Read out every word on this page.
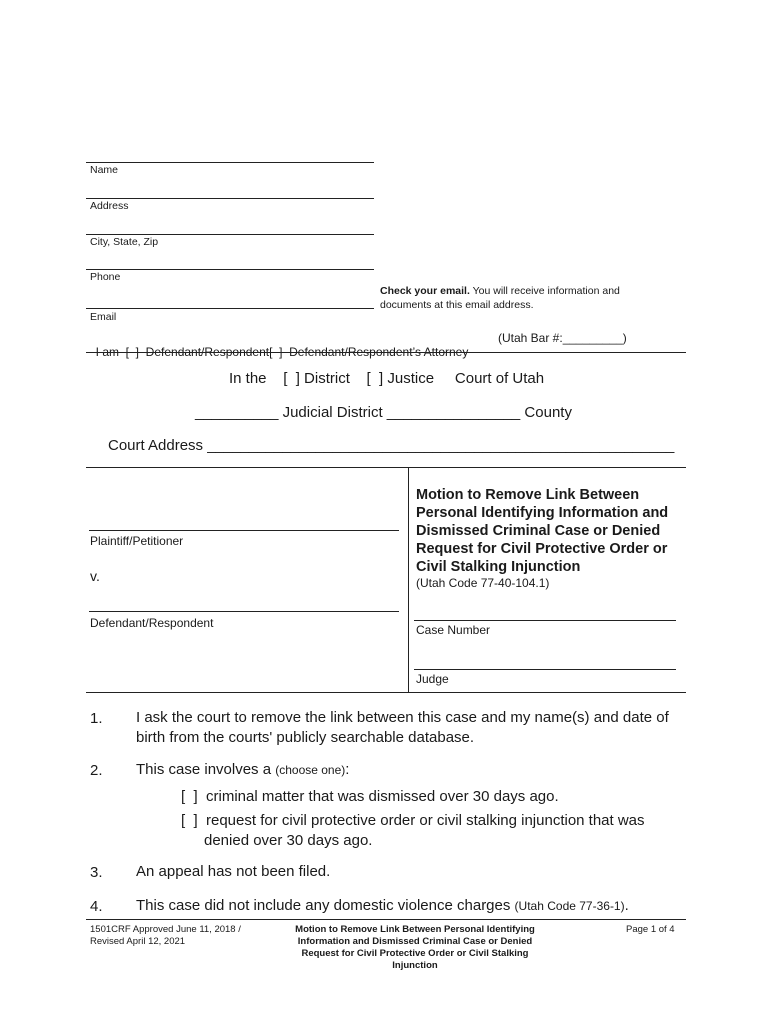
Name
Address
City, State, Zip
Phone
Email
Check your email. You will receive information and
documents at this email address.

I am  [  ]  Defendant/Respondent[  ]  Defendant/Respondent’s Attorney

(Utah Bar #:_________)
In the    [  ] District    [  ] Justice     Court of Utah
__________ Judicial District ________________ County
Court Address ________________________________________________________
Plaintiff/Petitioner
v.
Defendant/Respondent
Motion to Remove Link Between
Personal Identifying Information and
Dismissed Criminal Case or Denied
Request for Civil Protective Order or
Civil Stalking Injunction
(Utah Code 77-40-104.1)
Case Number
Judge
1. I ask the court to remove the link between this case and my name(s) and date of
birth from the courts' publicly searchable database.
2. This case involves a (choose one):
[  ]  criminal matter that was dismissed over 30 days ago.
[  ]  request for civil protective order or civil stalking injunction that was
denied over 30 days ago.
3. An appeal has not been filed.
4. This case did not include any domestic violence charges (Utah Code 77-36-1).
1501CRF Approved June 11, 2018 /
Revised April 12, 2021
Motion to Remove Link Between Personal Identifying
Information and Dismissed Criminal Case or Denied
Request for Civil Protective Order or Civil Stalking
Injunction
Page 1 of 4
